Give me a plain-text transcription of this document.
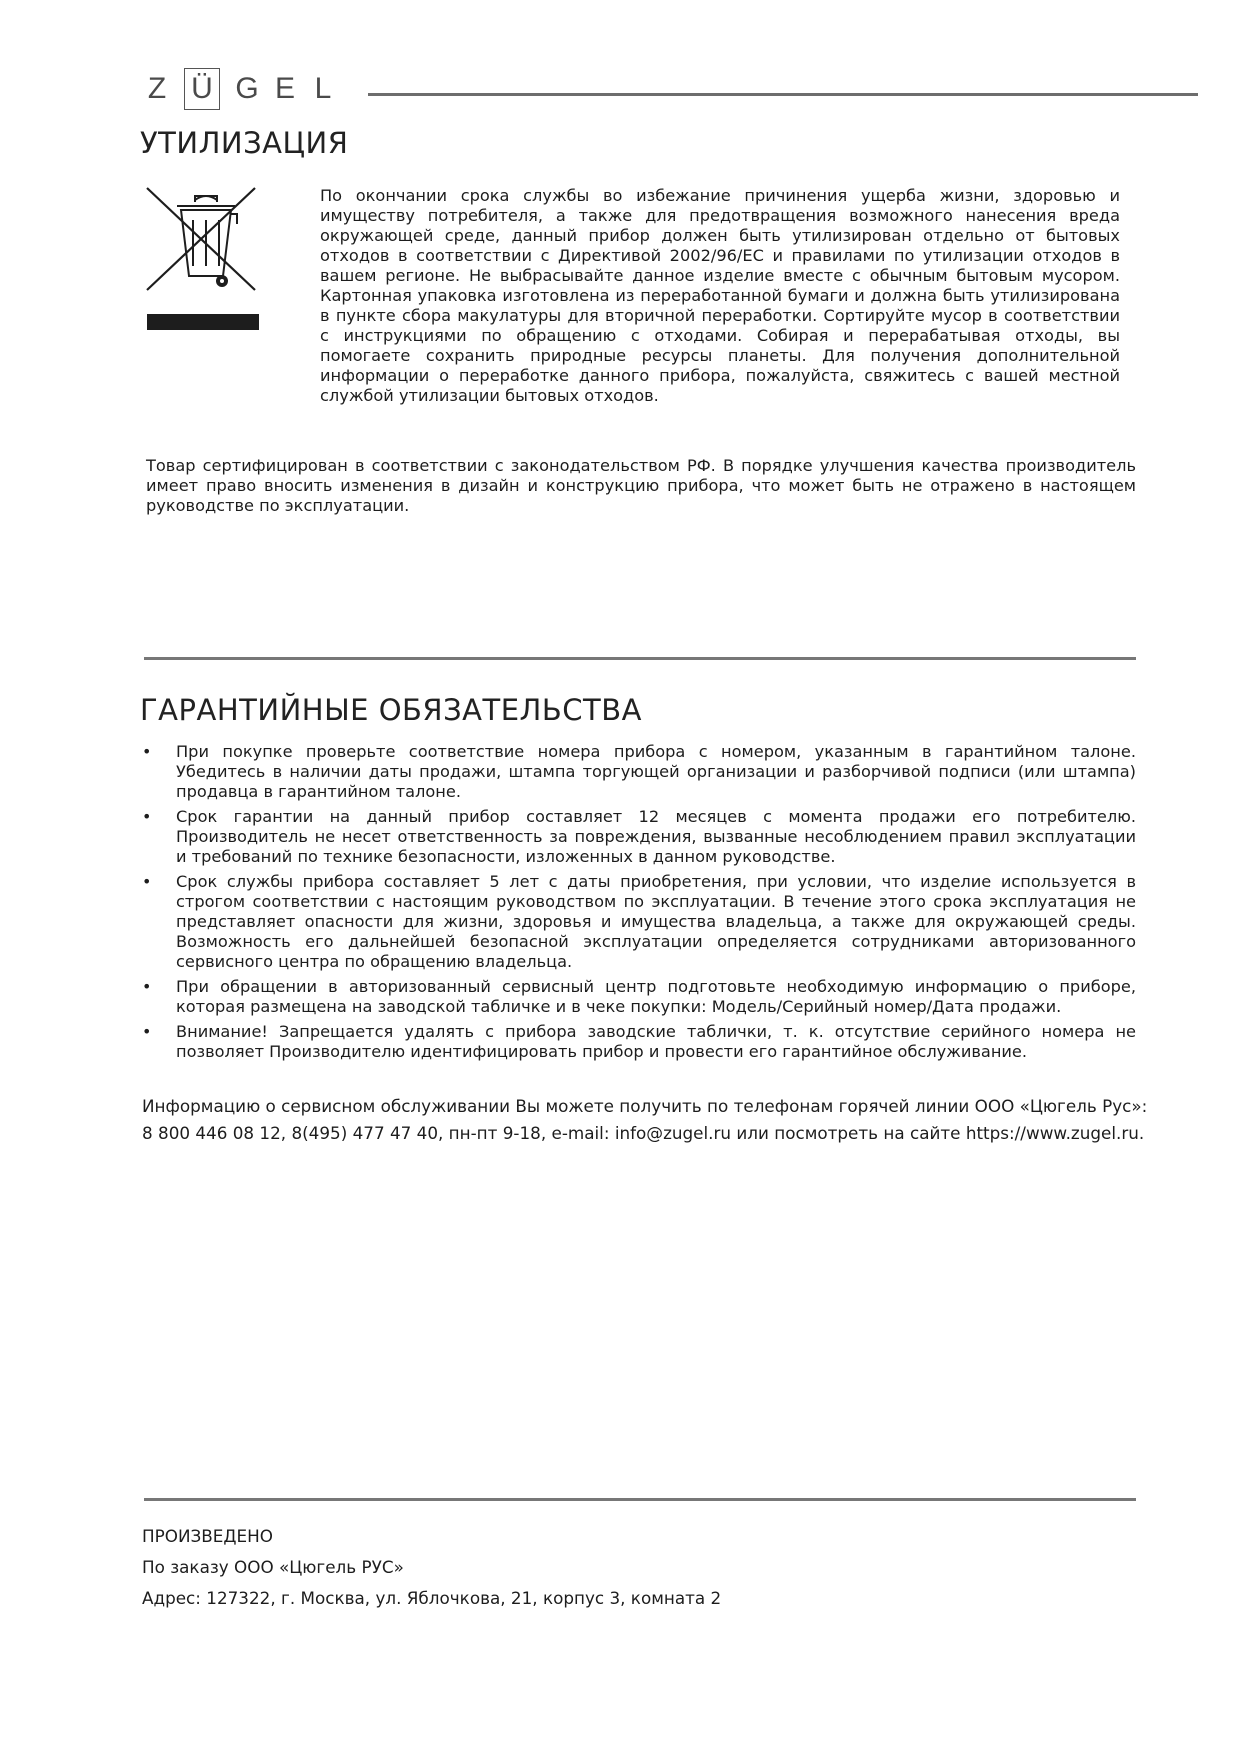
Z Ü G E L
УТИЛИЗАЦИЯ

По окончании срока службы во избежание причинения ущерба жизни, здоровью и имуществу потребителя, а также для предотвращения возможного нанесения вреда окружающей среде, данный прибор должен быть утилизирован отдельно от бытовых отходов в соответствии с Директивой 2002/96/EC и правилами по утилизации отходов в вашем регионе. Не выбрасывайте данное изделие вместе с обычным бытовым мусором. Картонная упаковка изготовлена из переработанной бумаги и должна быть утилизирована в пункте сбора макулатуры для вторичной переработки. Сортируйте мусор в соответствии с инструкциями по обращению с отходами. Собирая и перерабатывая отходы, вы помогаете сохранить природные ресурсы планеты. Для получения дополнительной информации о переработке данного прибора, пожалуйста, свяжитесь с вашей местной службой утилизации бытовых отходов.

Товар сертифицирован в соответствии с законодательством РФ. В порядке улучшения качества производитель имеет право вносить изменения в дизайн и конструкцию прибора, что может быть не отражено в настоящем руководстве по эксплуатации.

ГАРАНТИЙНЫЕ ОБЯЗАТЕЛЬСТВА
• При покупке проверьте соответствие номера прибора с номером, указанным в гарантийном талоне. Убедитесь в наличии даты продажи, штампа торгующей организации и разборчивой подписи (или штампа) продавца в гарантийном талоне.
• Срок гарантии на данный прибор составляет 12 месяцев с момента продажи его потребителю. Производитель не несет ответственность за повреждения, вызванные несоблюдением правил эксплуатации и требований по технике безопасности, изложенных в данном руководстве.
• Срок службы прибора составляет 5 лет с даты приобретения, при условии, что изделие используется в строгом соответствии с настоящим руководством по эксплуатации. В течение этого срока эксплуатация не представляет опасности для жизни, здоровья и имущества владельца, а также для окружающей среды. Возможность его дальнейшей безопасной эксплуатации определяется сотрудниками авторизованного сервисного центра по обращению владельца.
• При обращении в авторизованный сервисный центр подготовьте необходимую информацию о приборе, которая размещена на заводской табличке и в чеке покупки: Модель/Серийный номер/Дата продажи.
• Внимание! Запрещается удалять с прибора заводские таблички, т. к. отсутствие серийного номера не позволяет Производителю идентифицировать прибор и провести его гарантийное обслуживание.
Информацию о сервисном обслуживании Вы можете получить по телефонам горячей линии ООО «Цюгель Рус»:
8 800 446 08 12, 8(495) 477 47 40, пн-пт 9-18, e-mail: info@zugel.ru или посмотреть на сайте https://www.zugel.ru.
ПРОИЗВЕДЕНО
По заказу ООО «Цюгель РУС»
Адрес: 127322, г. Москва, ул. Яблочкова, 21, корпус 3, комната 2
